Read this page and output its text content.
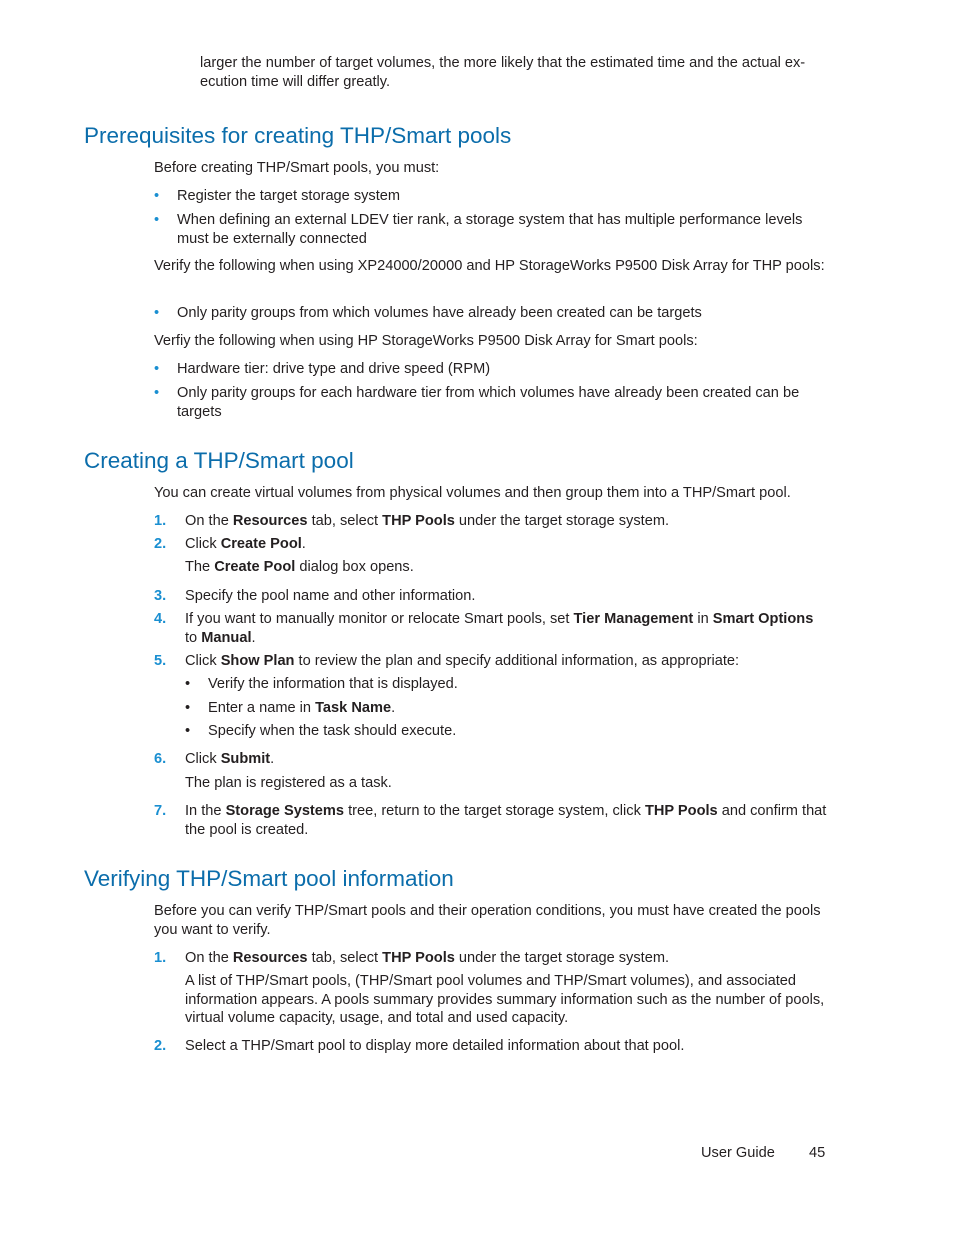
larger the number of target volumes, the more likely that the estimated time and the actual ex-
ecution time will differ greatly.
Prerequisites for creating THP/Smart pools
Before creating THP/Smart pools, you must:
• Register the target storage system
• When defining an external LDEV tier rank, a storage system that has multiple performance levels must be externally connected
Verify the following when using XP24000/20000 and HP StorageWorks P9500 Disk Array for THP pools:
• Only parity groups from which volumes have already been created can be targets
Verfiy the following when using HP StorageWorks P9500 Disk Array for Smart pools:
• Hardware tier: drive type and drive speed (RPM)
• Only parity groups for each hardware tier from which volumes have already been created can be targets
Creating a THP/Smart pool
You can create virtual volumes from physical volumes and then group them into a THP/Smart pool.
1. On the Resources tab, select THP Pools under the target storage system.
2. Click Create Pool.
The Create Pool dialog box opens.
3. Specify the pool name and other information.
4. If you want to manually monitor or relocate Smart pools, set Tier Management in Smart Options to Manual.
5. Click Show Plan to review the plan and specify additional information, as appropriate:
• Verify the information that is displayed.
• Enter a name in Task Name.
• Specify when the task should execute.
6. Click Submit.
The plan is registered as a task.
7. In the Storage Systems tree, return to the target storage system, click THP Pools and confirm that the pool is created.
Verifying THP/Smart pool information
Before you can verify THP/Smart pools and their operation conditions, you must have created the pools you want to verify.
1. On the Resources tab, select THP Pools under the target storage system.
A list of THP/Smart pools, (THP/Smart pool volumes and THP/Smart volumes), and associated information appears. A pools summary provides summary information such as the number of pools, virtual volume capacity, usage, and total and used capacity.
2. Select a THP/Smart pool to display more detailed information about that pool.
User Guide 45
